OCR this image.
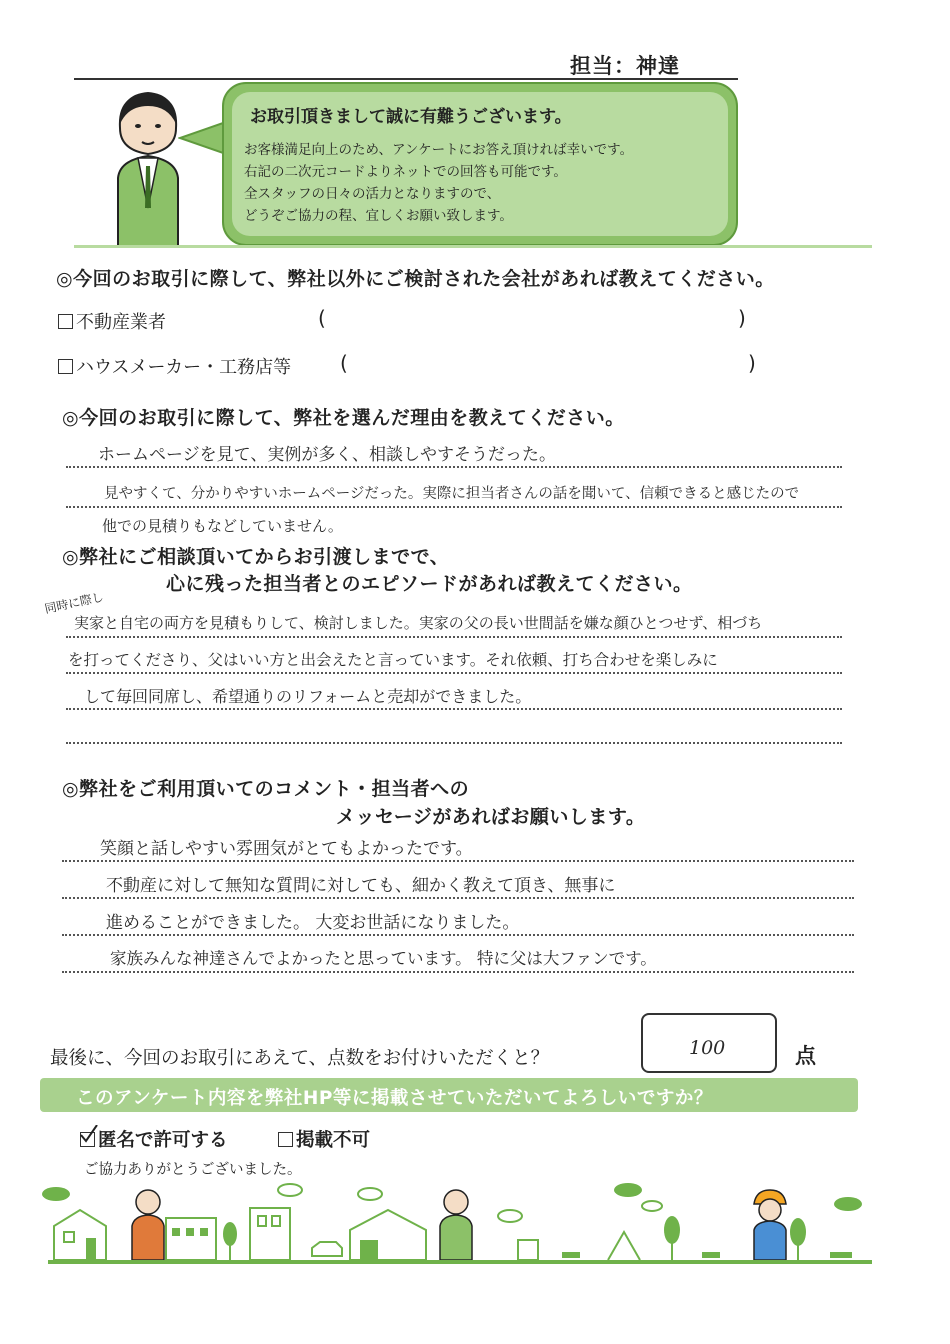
担当：神達
お取引頂きまして誠に有難うございます。
お客様満足向上のため、アンケートにお答え頂ければ幸いです。
右記の二次元コードよりネットでの回答も可能です。
全スタッフの日々の活力となりますので、
どうぞご協力の程、宜しくお願い致します。
◎今回のお取引に際して、弊社以外にご検討された会社があれば教えてください。
不動産業者	(	)
ハウスメーカー・工務店等 (	)
◎今回のお取引に際して、弊社を選んだ理由を教えてください。
ホームページを見て、実例が多く、相談しやすそうだった。
見やすくて、分かりやすいホームページだった。実際に担当者さんの話を聞いて、信頼できると感じたので
他での見積りもなどしていません。
◎弊社にご相談頂いてからお引渡しまでで、
心に残った担当者とのエピソードがあれば教えてください。
同時に際し
実家と自宅の両方を見積もりして、検討しました。実家の父の長い世間話を嫌な顔ひとつせず、相づち
を打ってくださり、父はいい方と出会えたと言っています。それ依頼、打ち合わせを楽しみに
して毎回同席し、希望通りのリフォームと売却ができました。
◎弊社をご利用頂いてのコメント・担当者への
メッセージがあればお願いします。
笑顔と話しやすい雰囲気がとてもよかったです。
不動産に対して無知な質問に対しても、細かく教えて頂き、無事に
進めることができました。 大変お世話になりました。
家族みんな神達さんでよかったと思っています。 特に父は大ファンです。
最後に、今回のお取引にあえて、点数をお付けいただくと？	100	点
このアンケート内容を弊社HP等に掲載させていただいてよろしいですか？
匿名で許可する	掲載不可
ご協力ありがとうございました。
